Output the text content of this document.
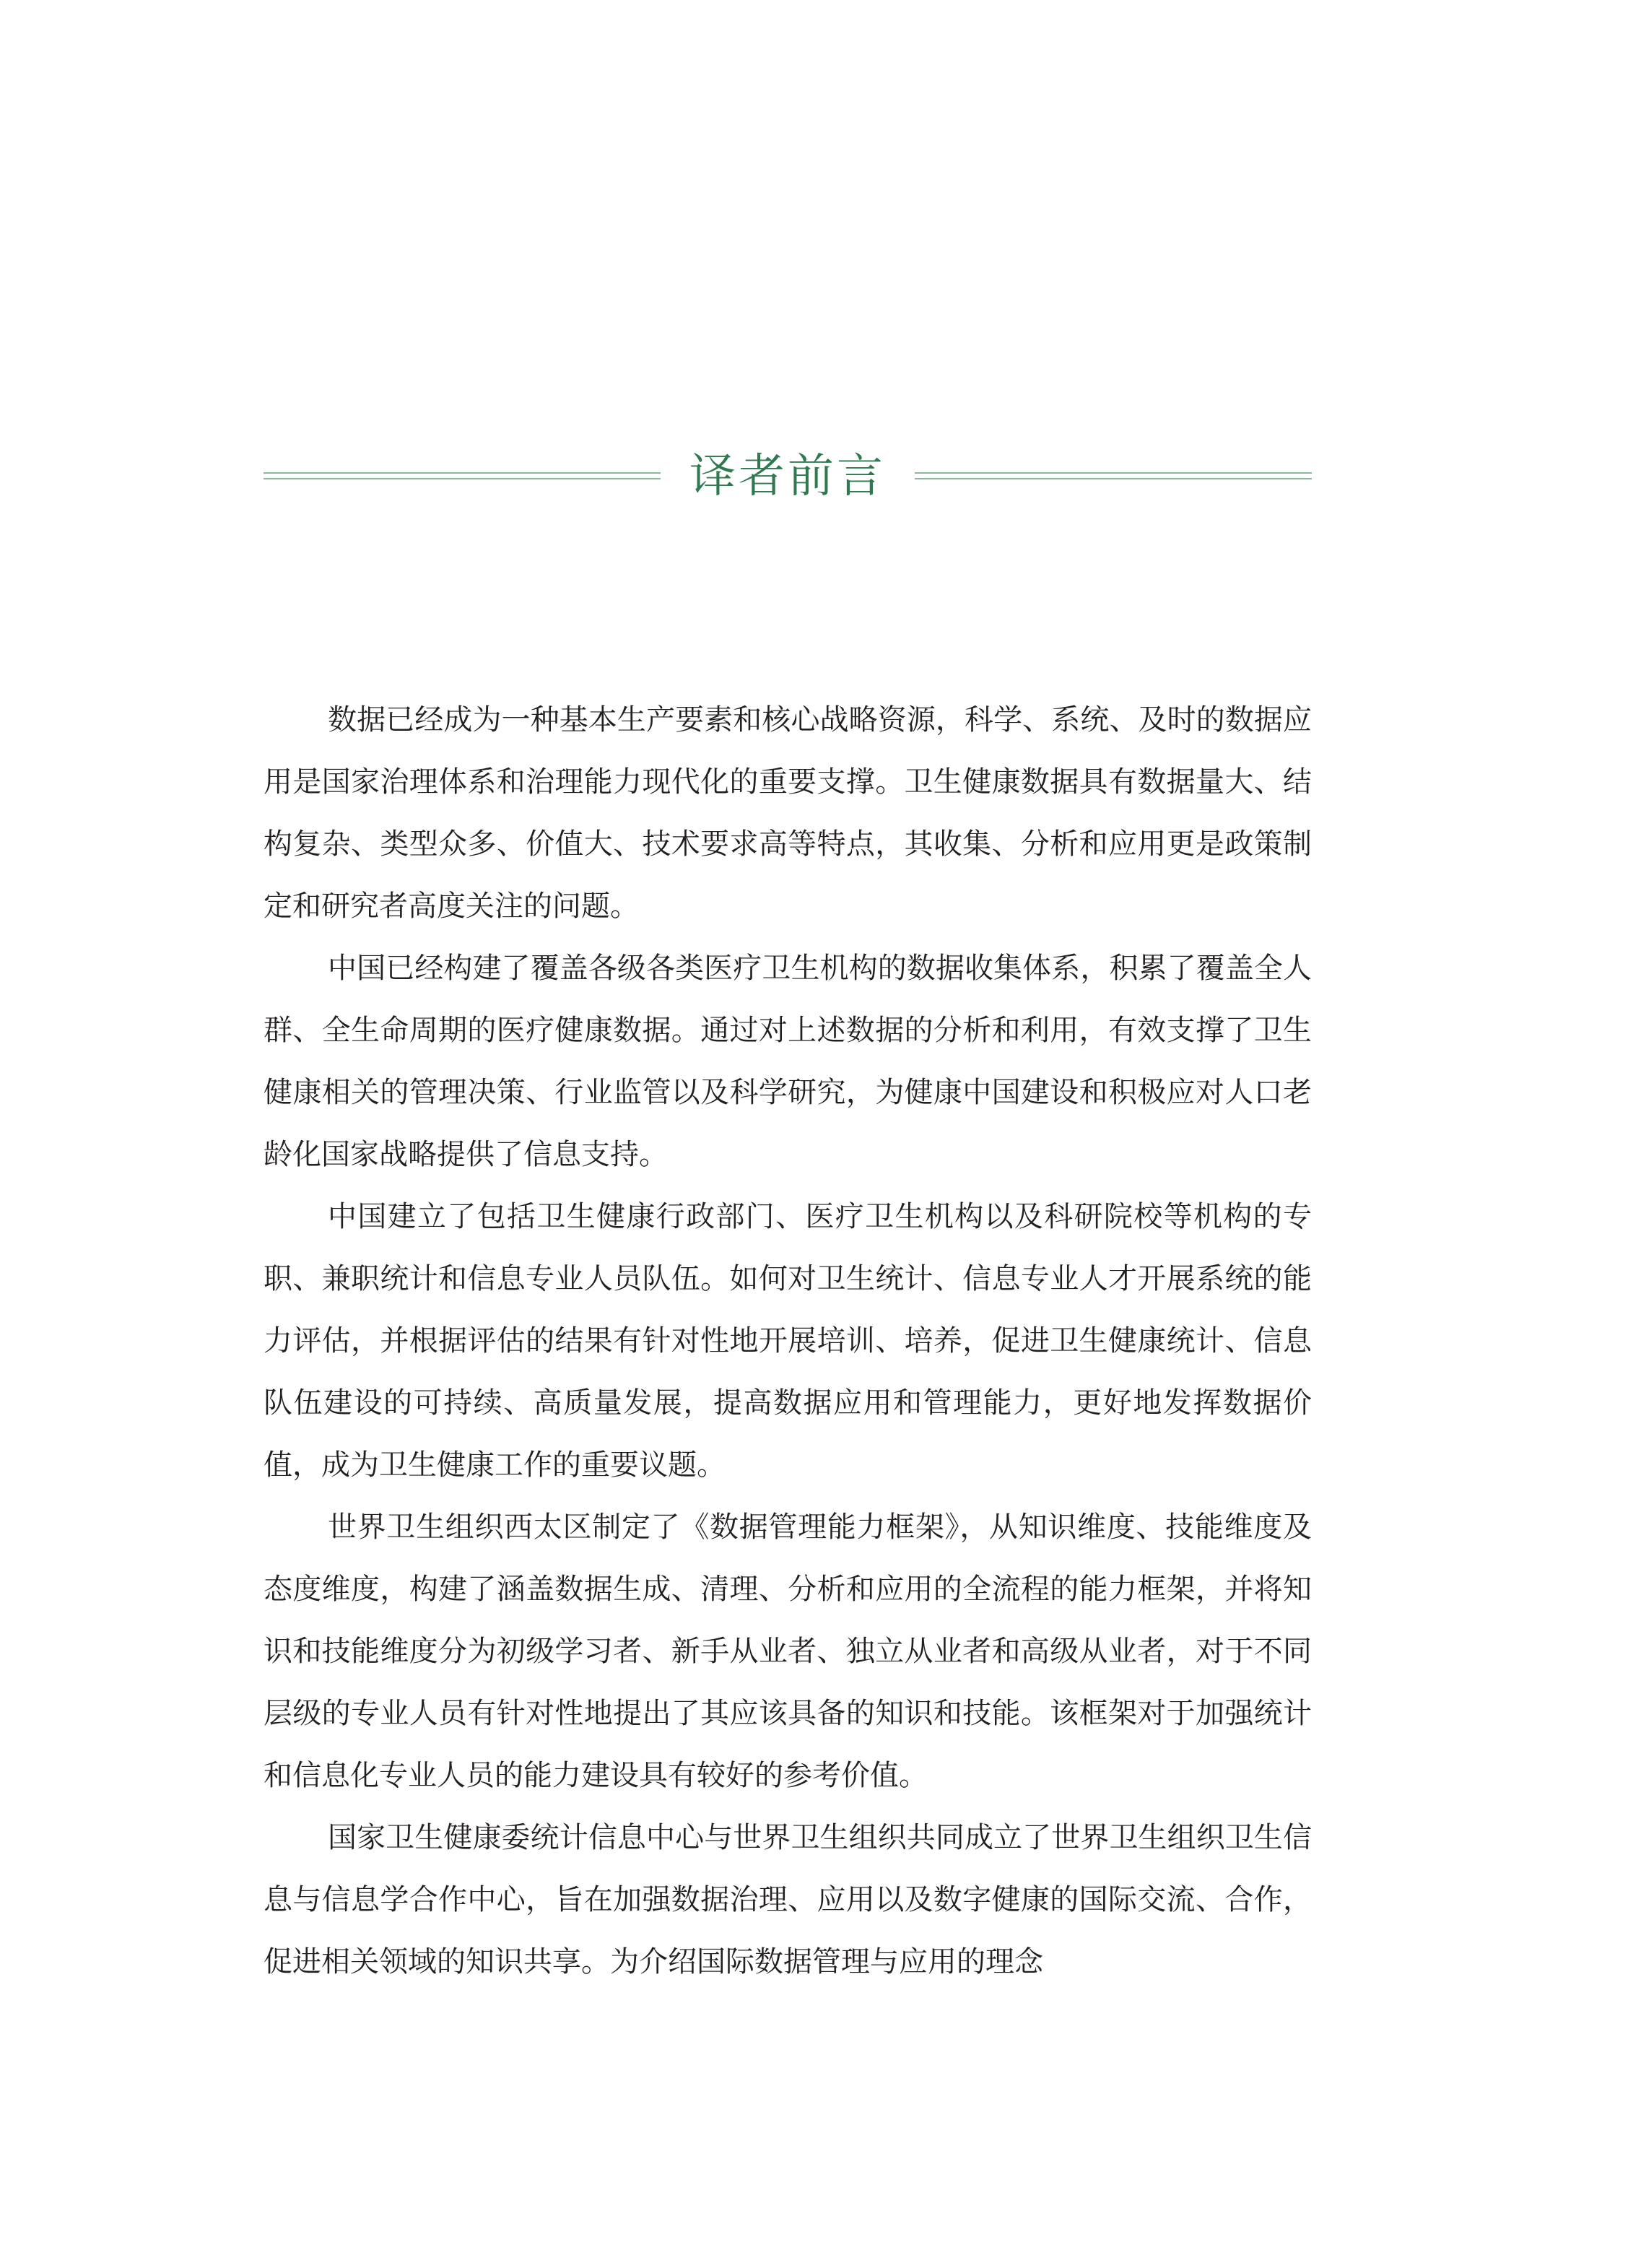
译者前言

数据已经成为一种基本生产要素和核心战略资源，科学、系统、及时的数据应用是国家治理体系和治理能力现代化的重要支撑。卫生健康数据具有数据量大、结构复杂、类型众多、价值大、技术要求高等特点，其收集、分析和应用更是政策制定和研究者高度关注的问题。

中国已经构建了覆盖各级各类医疗卫生机构的数据收集体系，积累了覆盖全人群、全生命周期的医疗健康数据。通过对上述数据的分析和利用，有效支撑了卫生健康相关的管理决策、行业监管以及科学研究，为健康中国建设和积极应对人口老龄化国家战略提供了信息支持。

中国建立了包括卫生健康行政部门、医疗卫生机构以及科研院校等机构的专职、兼职统计和信息专业人员队伍。如何对卫生统计、信息专业人才开展系统的能力评估，并根据评估的结果有针对性地开展培训、培养，促进卫生健康统计、信息队伍建设的可持续、高质量发展，提高数据应用和管理能力，更好地发挥数据价值，成为卫生健康工作的重要议题。

世界卫生组织西太区制定了《数据管理能力框架》，从知识维度、技能维度及态度维度，构建了涵盖数据生成、清理、分析和应用的全流程的能力框架，并将知识和技能维度分为初级学习者、新手从业者、独立从业者和高级从业者，对于不同层级的专业人员有针对性地提出了其应该具备的知识和技能。该框架对于加强统计和信息化专业人员的能力建设具有较好的参考价值。

国家卫生健康委统计信息中心与世界卫生组织共同成立了世界卫生组织卫生信息与信息学合作中心，旨在加强数据治理、应用以及数字健康的国际交流、合作，促进相关领域的知识共享。为介绍国际数据管理与应用的理念
